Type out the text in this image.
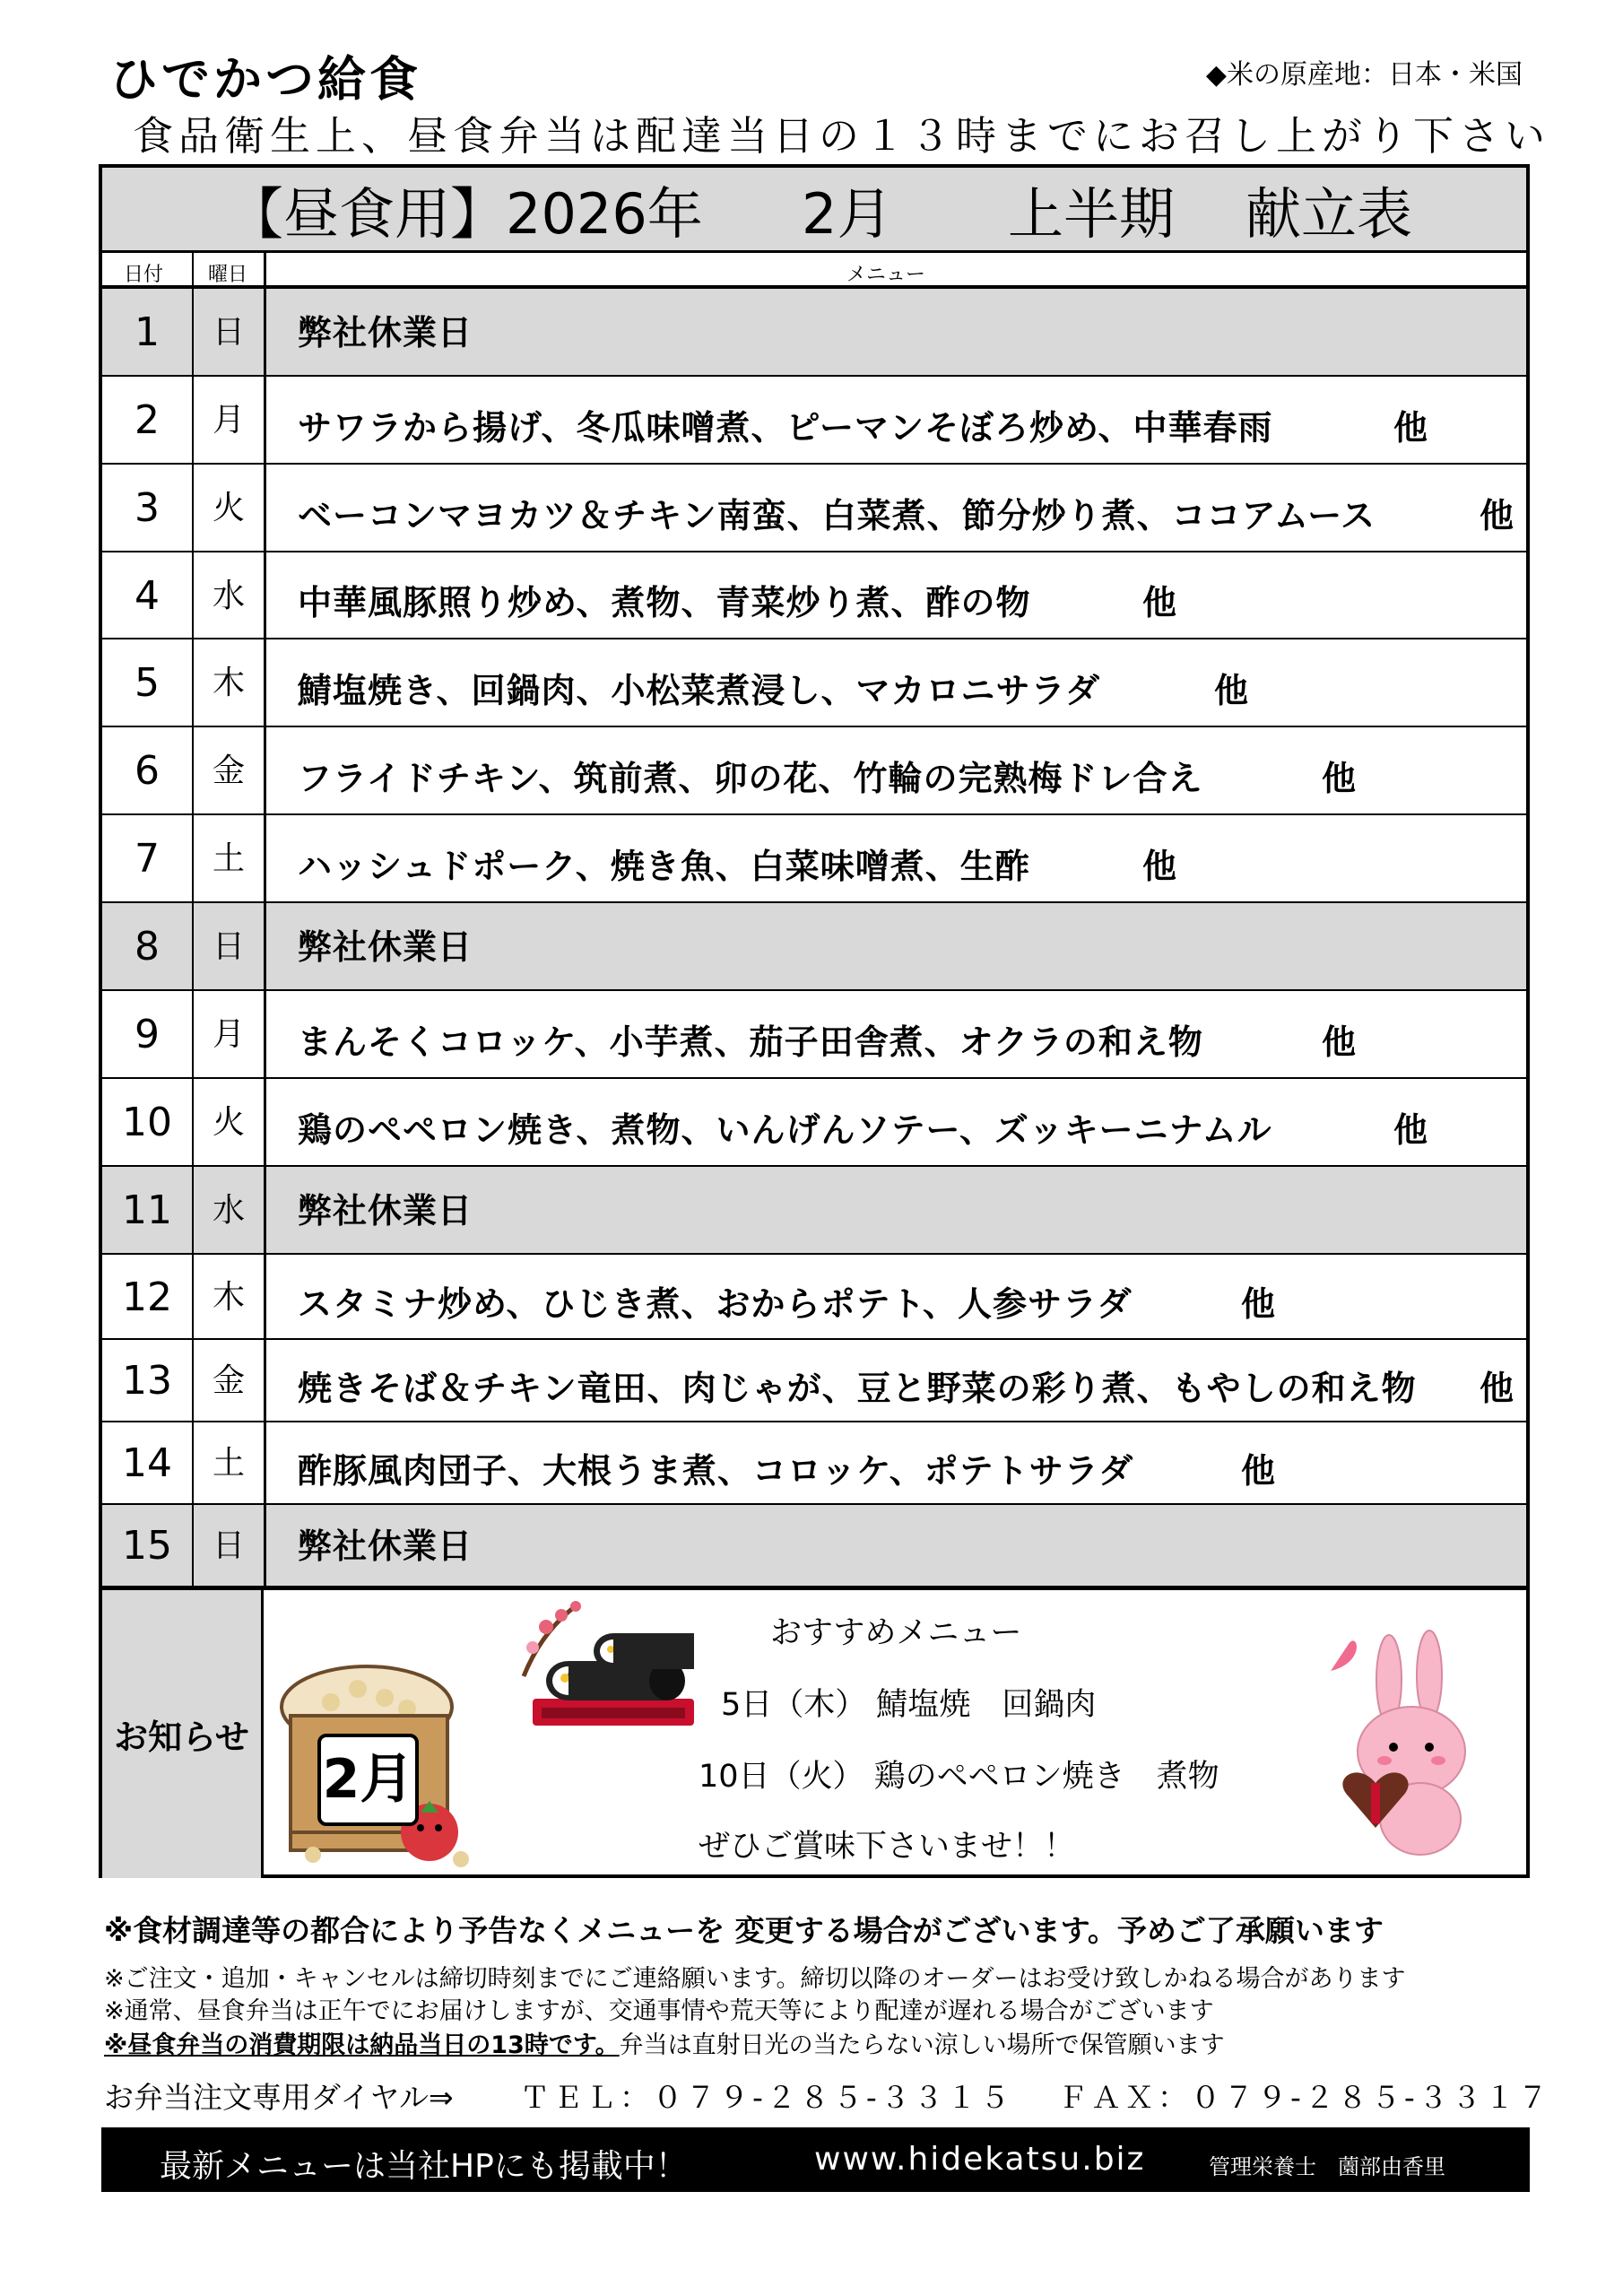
ひでかつ給食	◆米の原産地：日本・米国
食品衛生上、昼食弁当は配達当日の１３時までにお召し上がり下さい
【昼食用】2026年 2月 上半期 献立表
日付 曜日	メニュー
1	日	弊社休業日
2	月	サワラから揚げ、冬瓜味噌煮、ピーマンそぼろ炒め、中華春雨	他
3	火	ベーコンマヨカツ＆チキン南蛮、白菜煮、節分炒り煮、ココアムース	他
4	水	中華風豚照り炒め、煮物、青菜炒り煮、酢の物	他
5	木	鯖塩焼き、回鍋肉、小松菜煮浸し、マカロニサラダ	他
6	金	フライドチキン、筑前煮、卯の花、竹輪の完熟梅ドレ合え	他
7	土	ハッシュドポーク、焼き魚、白菜味噌煮、生酢	他
8	日	弊社休業日
9	月	まんそくコロッケ、小芋煮、茄子田舎煮、オクラの和え物	他
10	火	鶏のペペロン焼き、煮物、いんげんソテー、ズッキーニナムル	他
11	水	弊社休業日
12	木	スタミナ炒め、ひじき煮、おからポテト、人参サラダ	他
13	金	焼きそば＆チキン竜田、肉じゃが、豆と野菜の彩り煮、もやしの和え物 他
14	土	酢豚風肉団子、大根うま煮、コロッケ、ポテトサラダ	他
15	日	弊社休業日
お知らせ
おすすめメニュー
5日（木） 鯖塩焼　回鍋肉
10日（火） 鶏のペペロン焼き　煮物
ぜひご賞味下さいませ！！
2月
※食材調達等の都合により予告なくメニューを 変更する場合がございます。予めご了承願います
※ご注文・追加・キャンセルは締切時刻までにご連絡願います。締切以降のオーダーはお受け致しかねる場合があります
※通常、昼食弁当は正午でにお届けしますが、交通事情や荒天等により配達が遅れる場合がございます
※昼食弁当の消費期限は納品当日の13時です。弁当は直射日光の当たらない涼しい場所で保管願います
お弁当注文専用ダイヤル⇒ ＴＥＬ：０７９-２８５-３３１５ ＦＡＸ：０７９-２８５-３３１７
最新メニューは当社HPにも掲載中！	www.hidekatsu.biz	管理栄養士　薗部由香里
